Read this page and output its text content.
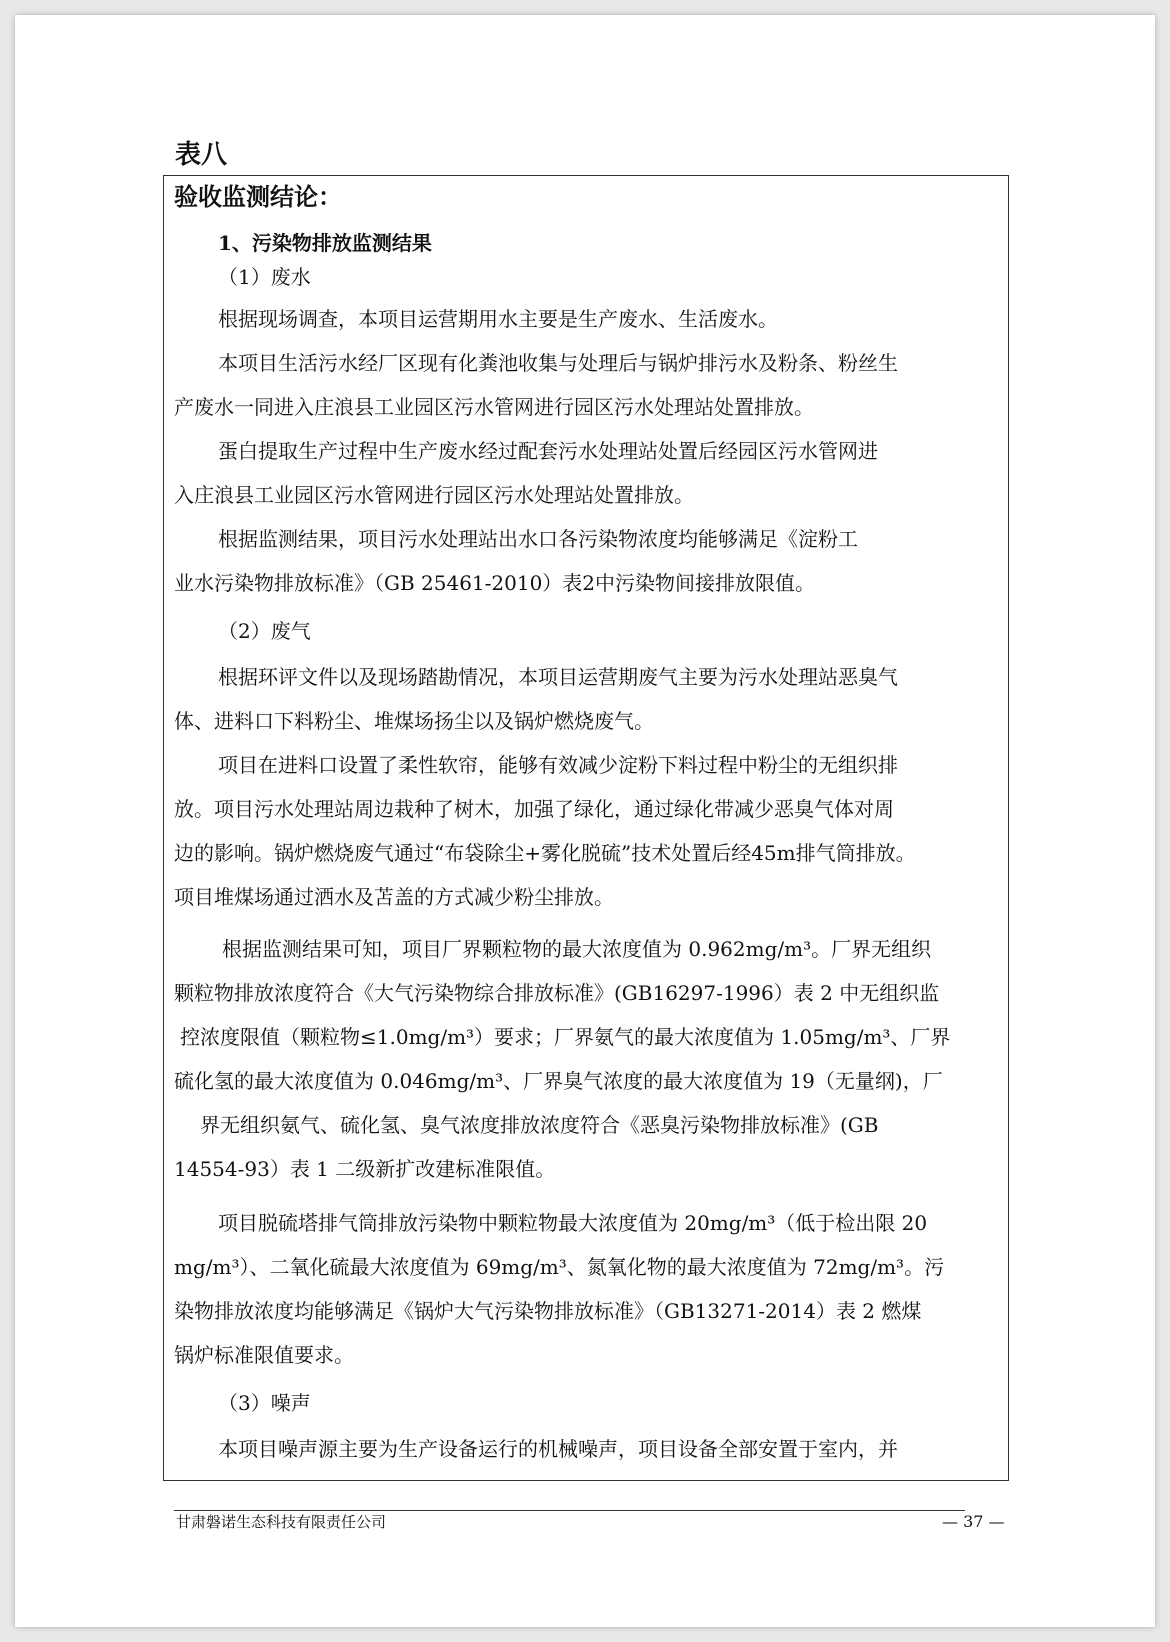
表八
验收监测结论：
1、污染物排放监测结果
（1）废水
根据现场调查，本项目运营期用水主要是生产废水、生活废水。
本项目生活污水经厂区现有化粪池收集与处理后与锅炉排污水及粉条、粉丝生
产废水一同进入庄浪县工业园区污水管网进行园区污水处理站处置排放。
蛋白提取生产过程中生产废水经过配套污水处理站处置后经园区污水管网进
入庄浪县工业园区污水管网进行园区污水处理站处置排放。
根据监测结果，项目污水处理站出水口各污染物浓度均能够满足《淀粉工
业水污染物排放标准》（GB 25461-2010）表2中污染物间接排放限值。
（2）废气
根据环评文件以及现场踏勘情况，本项目运营期废气主要为污水处理站恶臭气
体、进料口下料粉尘、堆煤场扬尘以及锅炉燃烧废气。
项目在进料口设置了柔性软帘，能够有效减少淀粉下料过程中粉尘的无组织排
放。项目污水处理站周边栽种了树木，加强了绿化，通过绿化带减少恶臭气体对周
边的影响。锅炉燃烧废气通过“布袋除尘+雾化脱硫”技术处置后经45m排气筒排放。
项目堆煤场通过洒水及苫盖的方式减少粉尘排放。
根据监测结果可知，项目厂界颗粒物的最大浓度值为 0.962mg/m³。厂界无组织
颗粒物排放浓度符合《大气污染物综合排放标准》(GB16297-1996）表 2 中无组织监
控浓度限值（颗粒物≤1.0mg/m³）要求；厂界氨气的最大浓度值为 1.05mg/m³、厂界
硫化氢的最大浓度值为 0.046mg/m³、厂界臭气浓度的最大浓度值为 19（无量纲)，厂
界无组织氨气、硫化氢、臭气浓度排放浓度符合《恶臭污染物排放标准》(GB
14554-93）表 1 二级新扩改建标准限值。
项目脱硫塔排气筒排放污染物中颗粒物最大浓度值为 20mg/m³（低于检出限 20
mg/m³）、二氧化硫最大浓度值为 69mg/m³、氮氧化物的最大浓度值为 72mg/m³。污
染物排放浓度均能够满足《锅炉大气污染物排放标准》（GB13271-2014）表 2 燃煤
锅炉标准限值要求。
（3）噪声
本项目噪声源主要为生产设备运行的机械噪声，项目设备全部安置于室内，并
甘肃磐诺生态科技有限责任公司	— 37 —
